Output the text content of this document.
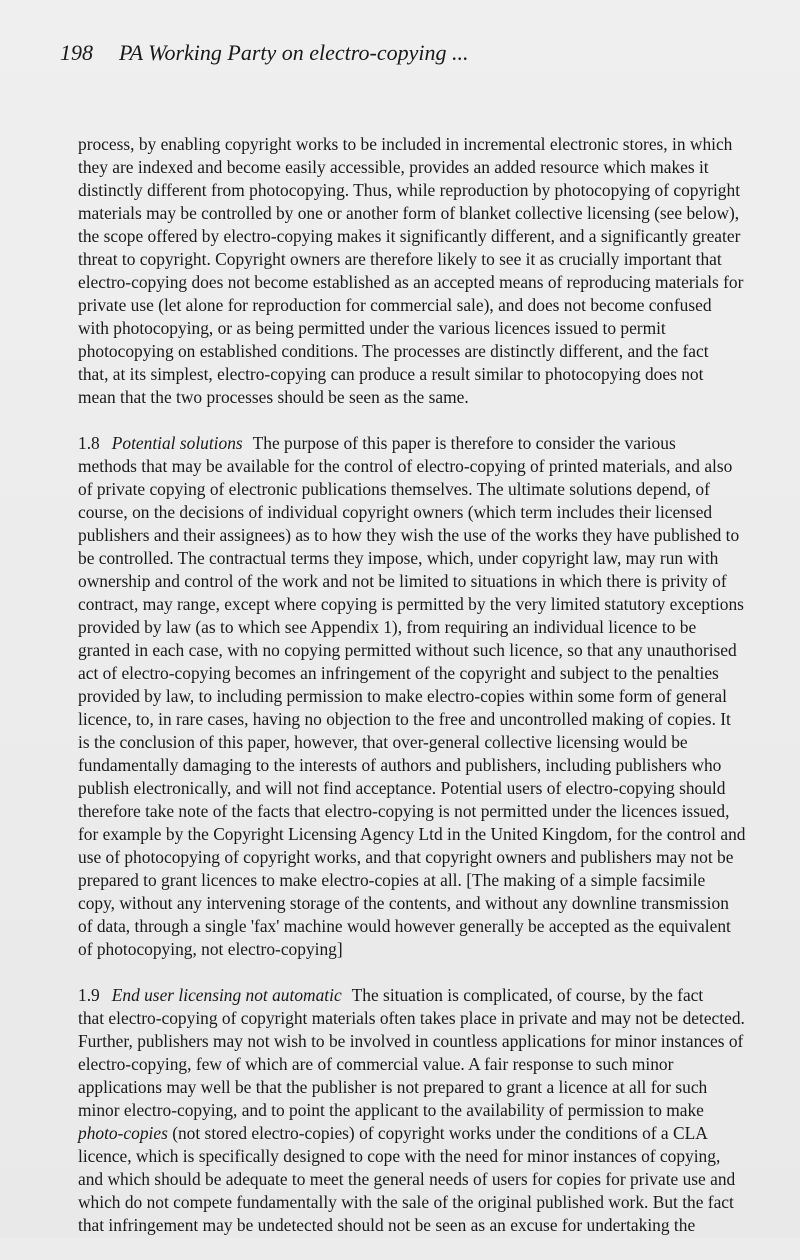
198 PA Working Party on electro-copying ...

process, by enabling copyright works to be included in incremental electronic stores, in which
they are indexed and become easily accessible, provides an added resource which makes it
distinctly different from photocopying. Thus, while reproduction by photocopying of copyright
materials may be controlled by one or another form of blanket collective licensing (see below),
the scope offered by electro-copying makes it significantly different, and a significantly greater
threat to copyright. Copyright owners are therefore likely to see it as crucially important that
electro-copying does not become established as an accepted means of reproducing materials for
private use (let alone for reproduction for commercial sale), and does not become confused
with photocopying, or as being permitted under the various licences issued to permit
photocopying on established conditions. The processes are distinctly different, and the fact
that, at its simplest, electro-copying can produce a result similar to photocopying does not
mean that the two processes should be seen as the same.

1.8 Potential solutions The purpose of this paper is therefore to consider the various
methods that may be available for the control of electro-copying of printed materials, and also
of private copying of electronic publications themselves. The ultimate solutions depend, of
course, on the decisions of individual copyright owners (which term includes their licensed
publishers and their assignees) as to how they wish the use of the works they have published to
be controlled. The contractual terms they impose, which, under copyright law, may run with
ownership and control of the work and not be limited to situations in which there is privity of
contract, may range, except where copying is permitted by the very limited statutory exceptions
provided by law (as to which see Appendix 1), from requiring an individual licence to be
granted in each case, with no copying permitted without such licence, so that any unauthorised
act of electro-copying becomes an infringement of the copyright and subject to the penalties
provided by law, to including permission to make electro-copies within some form of general
licence, to, in rare cases, having no objection to the free and uncontrolled making of copies. It
is the conclusion of this paper, however, that over-general collective licensing would be
fundamentally damaging to the interests of authors and publishers, including publishers who
publish electronically, and will not find acceptance. Potential users of electro-copying should
therefore take note of the facts that electro-copying is not permitted under the licences issued,
for example by the Copyright Licensing Agency Ltd in the United Kingdom, for the control and
use of photocopying of copyright works, and that copyright owners and publishers may not be
prepared to grant licences to make electro-copies at all. [The making of a simple facsimile
copy, without any intervening storage of the contents, and without any downline transmission
of data, through a single 'fax' machine would however generally be accepted as the equivalent
of photocopying, not electro-copying]

1.9 End user licensing not automatic The situation is complicated, of course, by the fact
that electro-copying of copyright materials often takes place in private and may not be detected.
Further, publishers may not wish to be involved in countless applications for minor instances of
electro-copying, few of which are of commercial value. A fair response to such minor
applications may well be that the publisher is not prepared to grant a licence at all for such
minor electro-copying, and to point the applicant to the availability of permission to make
photo-copies (not stored electro-copies) of copyright works under the conditions of a CLA
licence, which is specifically designed to cope with the need for minor instances of copying,
and which should be adequate to meet the general needs of users for copies for private use and
which do not compete fundamentally with the sale of the original published work. But the fact
that infringement may be undetected should not be seen as an excuse for undertaking the
